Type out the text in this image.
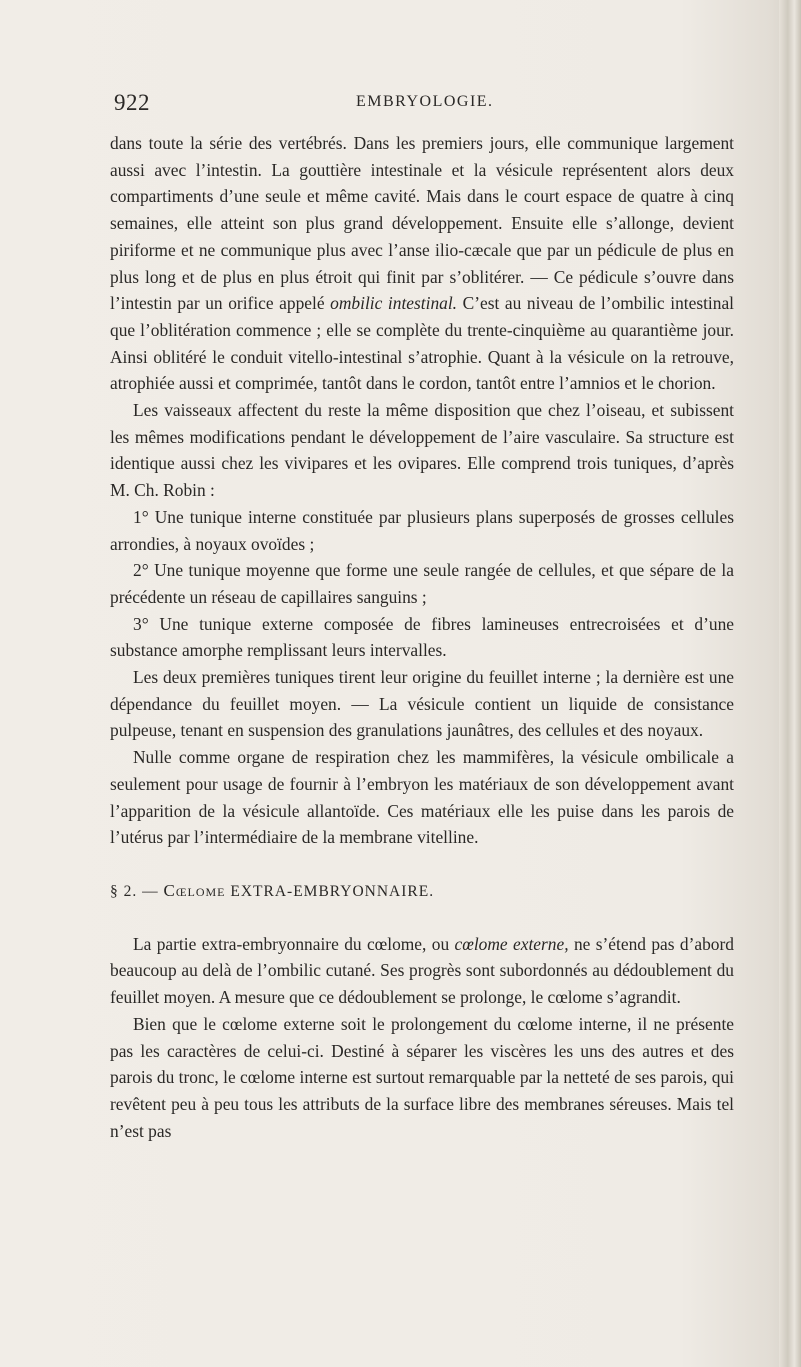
922	EMBRYOLOGIE.

dans toute la série des vertébrés. Dans les premiers jours, elle communique largement aussi avec l’intestin. La gouttière intestinale et la vésicule représentent alors deux compartiments d’une seule et même cavité. Mais dans le court espace de quatre à cinq semaines, elle atteint son plus grand développement. Ensuite elle s’allonge, devient piriforme et ne communique plus avec l’anse ilio-cæcale que par un pédicule de plus en plus long et de plus en plus étroit qui finit par s’oblitérer. — Ce pédicule s’ouvre dans l’intestin par un orifice appelé ombilic intestinal. C’est au niveau de l’ombilic intestinal que l’oblitération commence ; elle se complète du trente-cinquième au quarantième jour. Ainsi oblitéré le conduit vitello-intestinal s’atrophie. Quant à la vésicule on la retrouve, atrophiée aussi et comprimée, tantôt dans le cordon, tantôt entre l’amnios et le chorion.

Les vaisseaux affectent du reste la même disposition que chez l’oiseau, et subissent les mêmes modifications pendant le développement de l’aire vasculaire. Sa structure est identique aussi chez les vivipares et les ovipares. Elle comprend trois tuniques, d’après M. Ch. Robin :

1° Une tunique interne constituée par plusieurs plans superposés de grosses cellules arrondies, à noyaux ovoïdes ;

2° Une tunique moyenne que forme une seule rangée de cellules, et que sépare de la précédente un réseau de capillaires sanguins ;

3° Une tunique externe composée de fibres lamineuses entrecroisées et d’une substance amorphe remplissant leurs intervalles.

Les deux premières tuniques tirent leur origine du feuillet interne ; la dernière est une dépendance du feuillet moyen. — La vésicule contient un liquide de consistance pulpeuse, tenant en suspension des granulations jaunâtres, des cellules et des noyaux.

Nulle comme organe de respiration chez les mammifères, la vésicule ombilicale a seulement pour usage de fournir à l’embryon les matériaux de son développement avant l’apparition de la vésicule allantoïde. Ces matériaux elle les puise dans les parois de l’utérus par l’intermédiaire de la membrane vitelline.

§ 2. — Cœlome EXTRA-EMBRYONNAIRE.

La partie extra-embryonnaire du cœlome, ou cœlome externe, ne s’étend pas d’abord beaucoup au delà de l’ombilic cutané. Ses progrès sont subordonnés au dédoublement du feuillet moyen. A mesure que ce dédoublement se prolonge, le cœlome s’agrandit.

Bien que le cœlome externe soit le prolongement du cœlome interne, il ne présente pas les caractères de celui-ci. Destiné à séparer les viscères les uns des autres et des parois du tronc, le cœlome interne est surtout remarquable par la netteté de ses parois, qui revêtent peu à peu tous les attributs de la surface libre des membranes séreuses. Mais tel n’est pas
